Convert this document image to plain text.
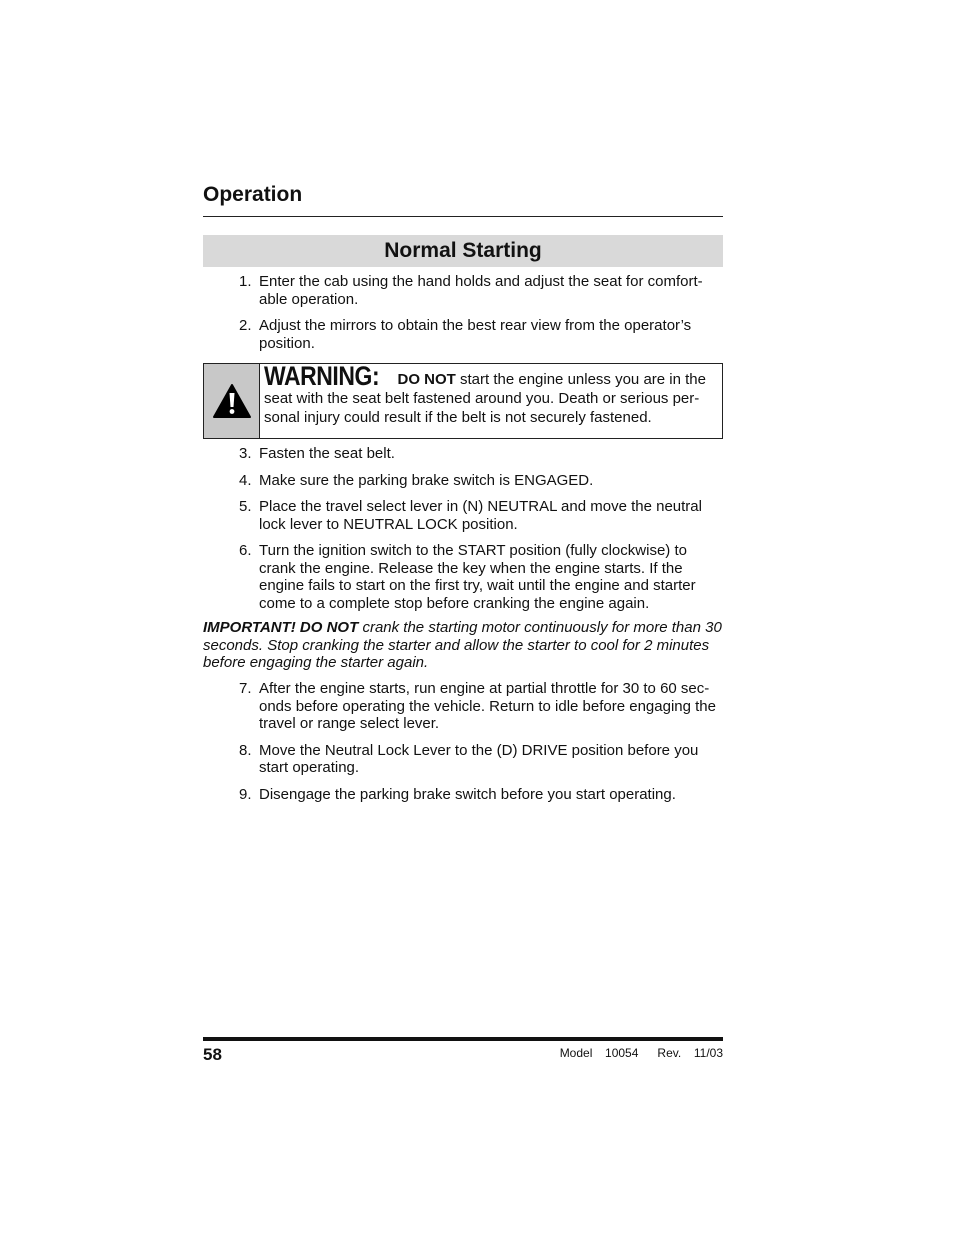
Operation
Normal Starting
1. Enter the cab using the hand holds and adjust the seat for comfort-able operation.
2. Adjust the mirrors to obtain the best rear view from the operator’s position.
WARNING: DO NOT start the engine unless you are in the seat with the seat belt fastened around you. Death or serious per-sonal injury could result if the belt is not securely fastened.
3. Fasten the seat belt.
4. Make sure the parking brake switch is ENGAGED.
5. Place the travel select lever in (N) NEUTRAL and move the neutral lock lever to NEUTRAL LOCK position.
6. Turn the ignition switch to the START position (fully clockwise) to crank the engine. Release the key when the engine starts. If the engine fails to start on the first try, wait until the engine and starter come to a complete stop before cranking the engine again.
IMPORTANT! DO NOT crank the starting motor continuously for more than 30 seconds. Stop cranking the starter and allow the starter to cool for 2 minutes before engaging the starter again.
7. After the engine starts, run engine at partial throttle for 30 to 60 sec-onds before operating the vehicle. Return to idle before engaging the travel or range select lever.
8. Move the Neutral Lock Lever to the (D) DRIVE position before you start operating.
9. Disengage the parking brake switch before you start operating.
58	Model  10054   Rev.  11/03
